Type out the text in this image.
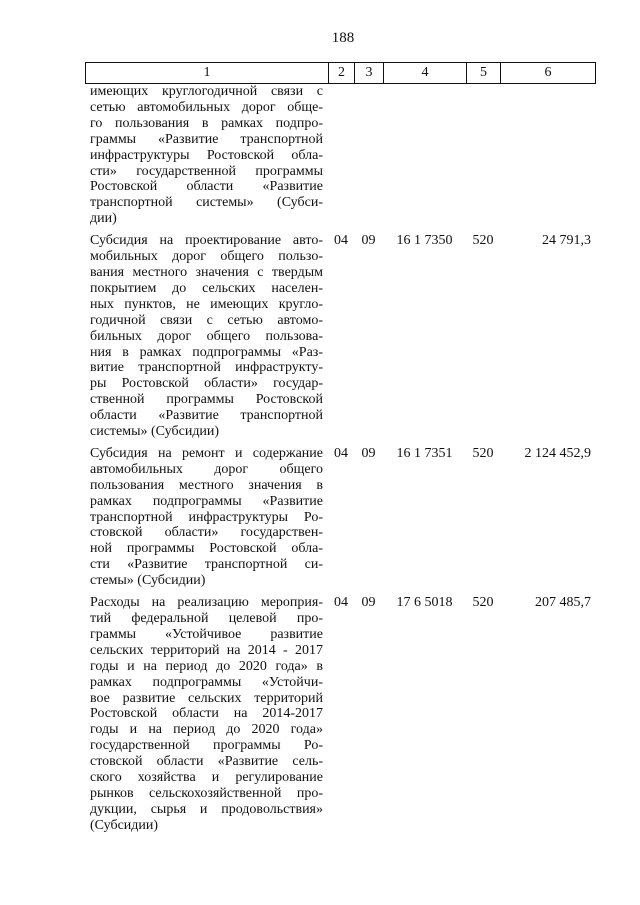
188
1	2	3	4	5	6
имеющих круглогодичной связи с
сетью автомобильных дорог обще-
го пользования в рамках подпро-
граммы «Развитие транспортной
инфраструктуры Ростовской обла-
сти» государственной программы
Ростовской области «Развитие
транспортной системы» (Субси-
дии)
Субсидия на проектирование авто-
мобильных дорог общего пользо-
вания местного значения с твердым
покрытием до сельских населен-
ных пунктов, не имеющих кругло-
годичной связи с сетью автомо-
бильных дорог общего пользова-
ния в рамках подпрограммы «Раз-
витие транспортной инфраструкту-
ры Ростовской области» государ-
ственной программы Ростовской
области «Развитие транспортной
системы» (Субсидии)
04 09	16 1 7350	520	24 791,3
Субсидия на ремонт и содержание
автомобильных дорог общего
пользования местного значения в
рамках подпрограммы «Развитие
транспортной инфраструктуры Ро-
стовской области» государствен-
ной программы Ростовской обла-
сти «Развитие транспортной си-
стемы» (Субсидии)
04 09	16 1 7351	520	2 124 452,9
Расходы на реализацию мероприя-
тий федеральной целевой про-
граммы «Устойчивое развитие
сельских территорий на 2014 - 2017
годы и на период до 2020 года» в
рамках подпрограммы «Устойчи-
вое развитие сельских территорий
Ростовской области на 2014-2017
годы и на период до 2020 года»
государственной программы Ро-
стовской области «Развитие сель-
ского хозяйства и регулирование
рынков сельскохозяйственной про-
дукции, сырья и продовольствия»
(Субсидии)
04 09	17 6 5018	520	207 485,7
